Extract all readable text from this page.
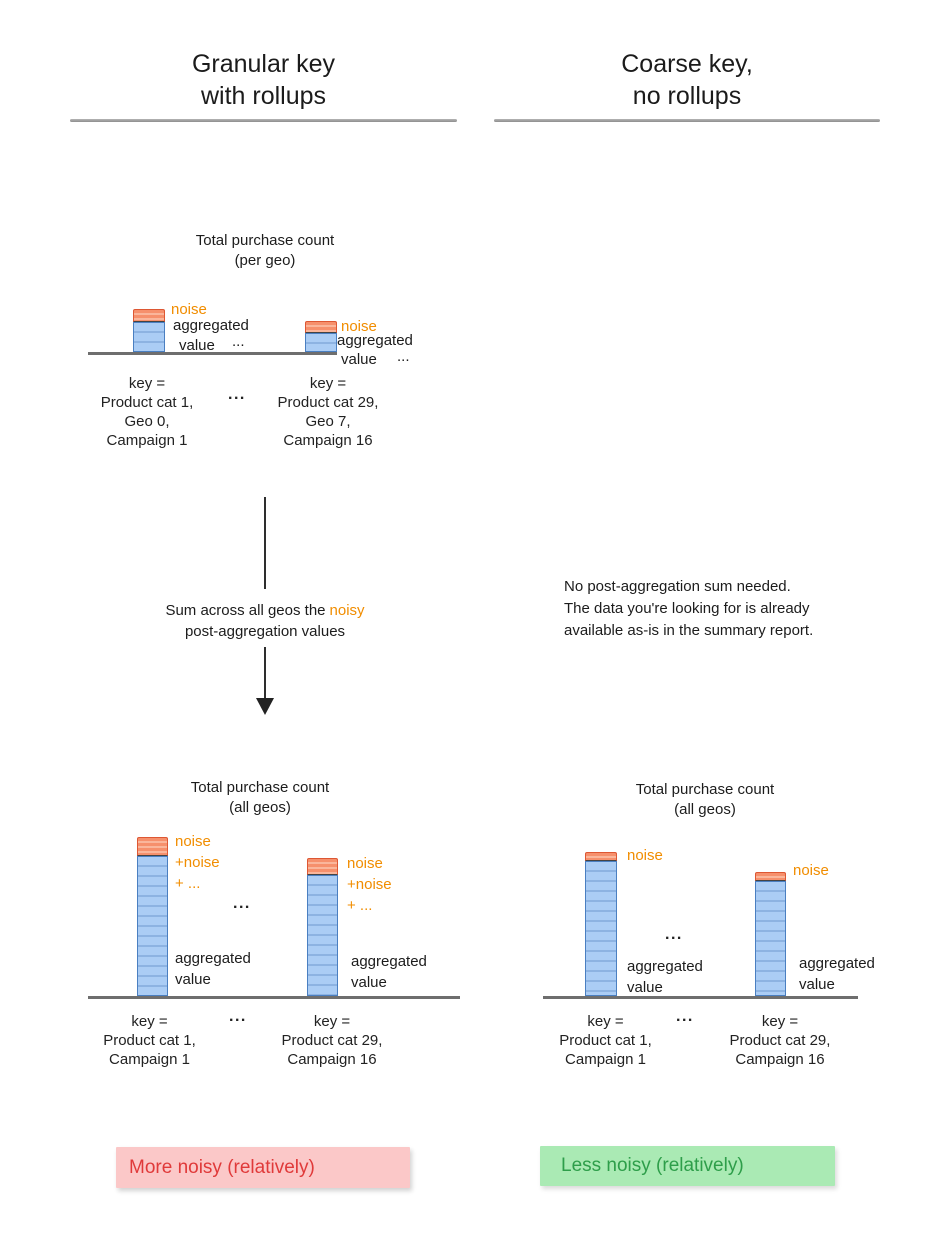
Granular key
with rollups
Coarse key,
no rollups
Total purchase count
(per geo)
noise
aggregated
value ...
noise
aggregated
value ...
key =
Product cat 1,
Geo 0,
Campaign 1
...
key =
Product cat 29,
Geo 7,
Campaign 16
Sum across all geos the noisy
post-aggregation values
No post-aggregation sum needed.
The data you're looking for is already
available as-is in the summary report.
Total purchase count
(all geos)
noise
+noise
+ ...
noise
+noise
+ ...
...
aggregated
value
aggregated
value
key =
Product cat 1,
Campaign 1
...	key =
Product cat 29,
Campaign 16
Total purchase count
(all geos)
noise
noise
...
aggregated
value
aggregated
value
key =
Product cat 1,
Campaign 1
...	key =
Product cat 29,
Campaign 16
More noisy (relatively)	Less noisy (relatively)
